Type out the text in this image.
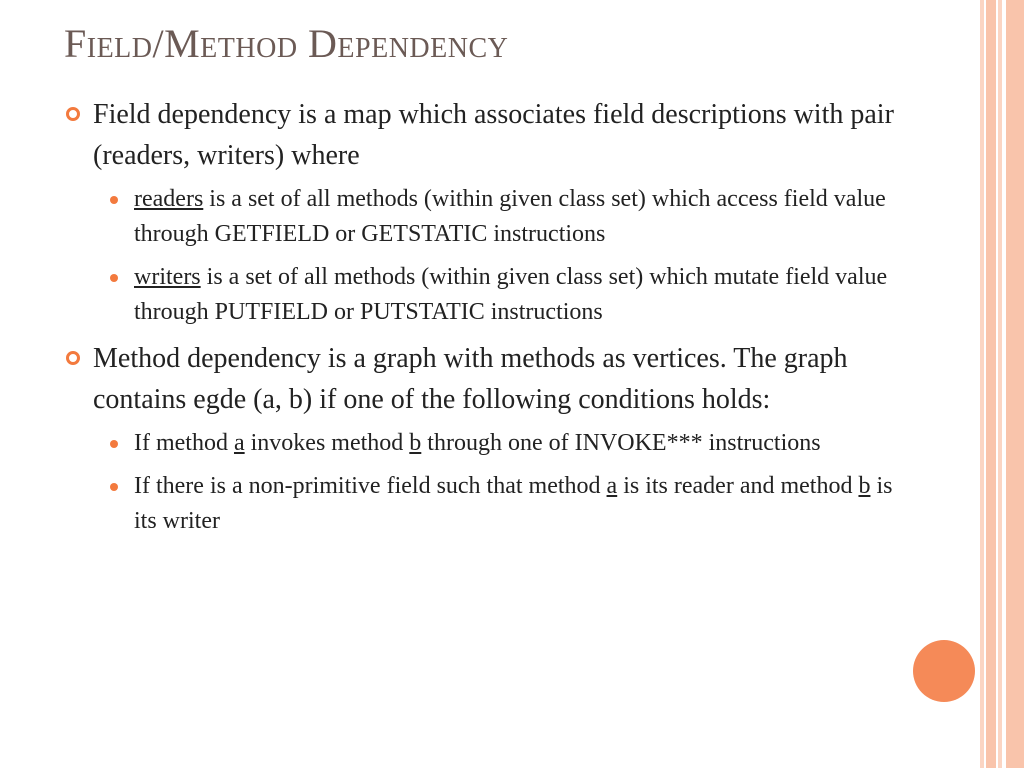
Field/Method Dependency
Field dependency is a map which associates field descriptions with pair (readers, writers) where
readers is a set of all methods (within given class set) which access field value through GETFIELD or GETSTATIC instructions
writers is a set of all methods (within given class set) which mutate field value through PUTFIELD or PUTSTATIC instructions
Method dependency is a graph with methods as vertices. The graph contains egde (a, b) if one of the following conditions holds:
If method a invokes method b through one of INVOKE*** instructions
If there is a non-primitive field such that method a is its reader and method b is its writer
